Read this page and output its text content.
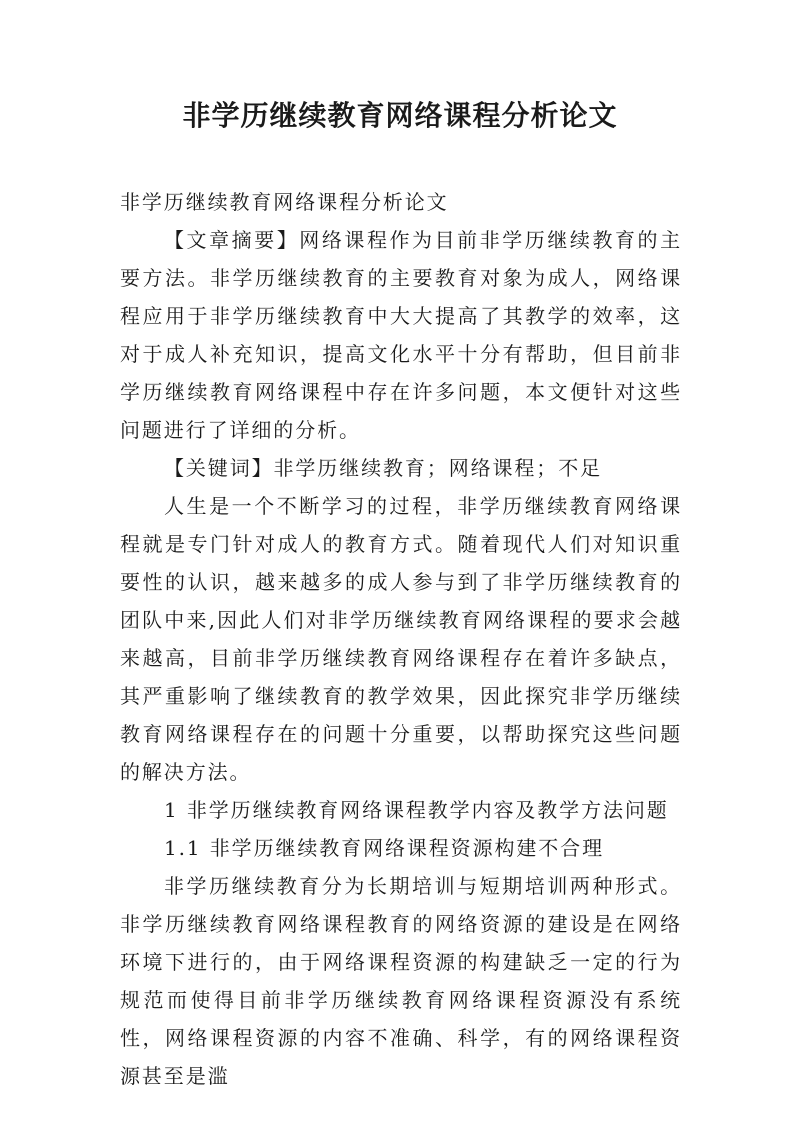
非学历继续教育网络课程分析论文

非学历继续教育网络课程分析论文

【文章摘要】网络课程作为目前非学历继续教育的主要方法。非学历继续教育的主要教育对象为成人，网络课程应用于非学历继续教育中大大提高了其教学的效率，这对于成人补充知识，提高文化水平十分有帮助，但目前非学历继续教育网络课程中存在许多问题，本文便针对这些问题进行了详细的分析。

【关键词】非学历继续教育；网络课程；不足

人生是一个不断学习的过程，非学历继续教育网络课程就是专门针对成人的教育方式。随着现代人们对知识重要性的认识，越来越多的成人参与到了非学历继续教育的团队中来,因此人们对非学历继续教育网络课程的要求会越来越高，目前非学历继续教育网络课程存在着许多缺点，其严重影响了继续教育的教学效果，因此探究非学历继续教育网络课程存在的问题十分重要，以帮助探究这些问题的解决方法。

1 非学历继续教育网络课程教学内容及教学方法问题

1.1 非学历继续教育网络课程资源构建不合理

非学历继续教育分为长期培训与短期培训两种形式。非学历继续教育网络课程教育的网络资源的建设是在网络环境下进行的，由于网络课程资源的构建缺乏一定的行为规范而使得目前非学历继续教育网络课程资源没有系统性，网络课程资源的内容不准确、科学，有的网络课程资源甚至是滥
